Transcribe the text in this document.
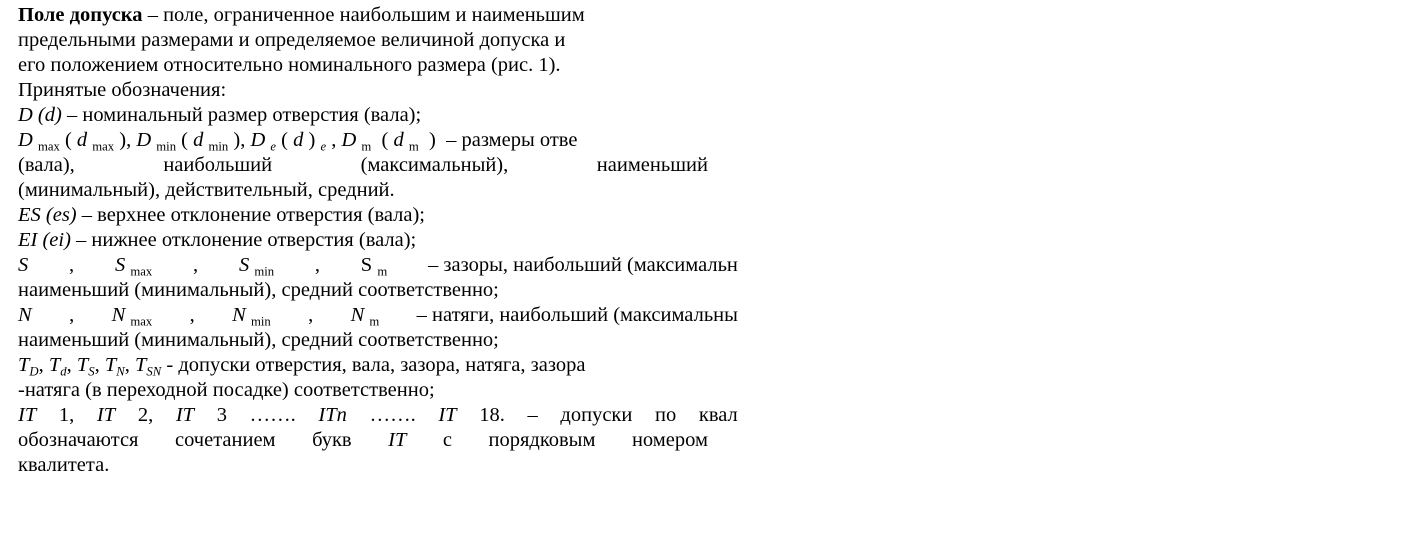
Поле допуска – поле, ограниченное наибольшим и наименьшим
предельными размерами и определяемое величиной допуска и
его положением относительно номинального размера (рис. 1).
Принятые обозначения:
D (d) – номинальный размер отверстия (вала);
D $_{max}$ ( d $_{max}$ ), D $_{min}$ ( d $_{min}$ ), D $_e$ ( d ) $_e$ , D $_m$ ( d $_m$ ) – размеры отве
(вала),	наибольший	(максимальный),	наименьший
(минимальный), действительный, средний.
ES (es) – верхнее отклонение отверстия (вала);
EI (ei) – нижнее отклонение отверстия (вала);
S , S $_{max}$ , S $_{min}$ , S $_m$ – зазоры, наибольший (максимальн
наименьший (минимальный), средний соответственно;
N , N $_{max}$ , N $_{min}$ , N $_m$ – натяги, наибольший (максимальны
наименьший (минимальный), средний соответственно;
$T_D$, $T_d$, $T_S$, $T_N$, $T_{SN}$ - допуски отверстия, вала, зазора, натяга, зазора
-натяга (в переходной посадке) соответственно;
IT 1, IT 2, IT 3 ……. ITn ……. IT 18. – допуски по квал
обозначаются сочетанием букв IT с порядковым номером
квалитета.
